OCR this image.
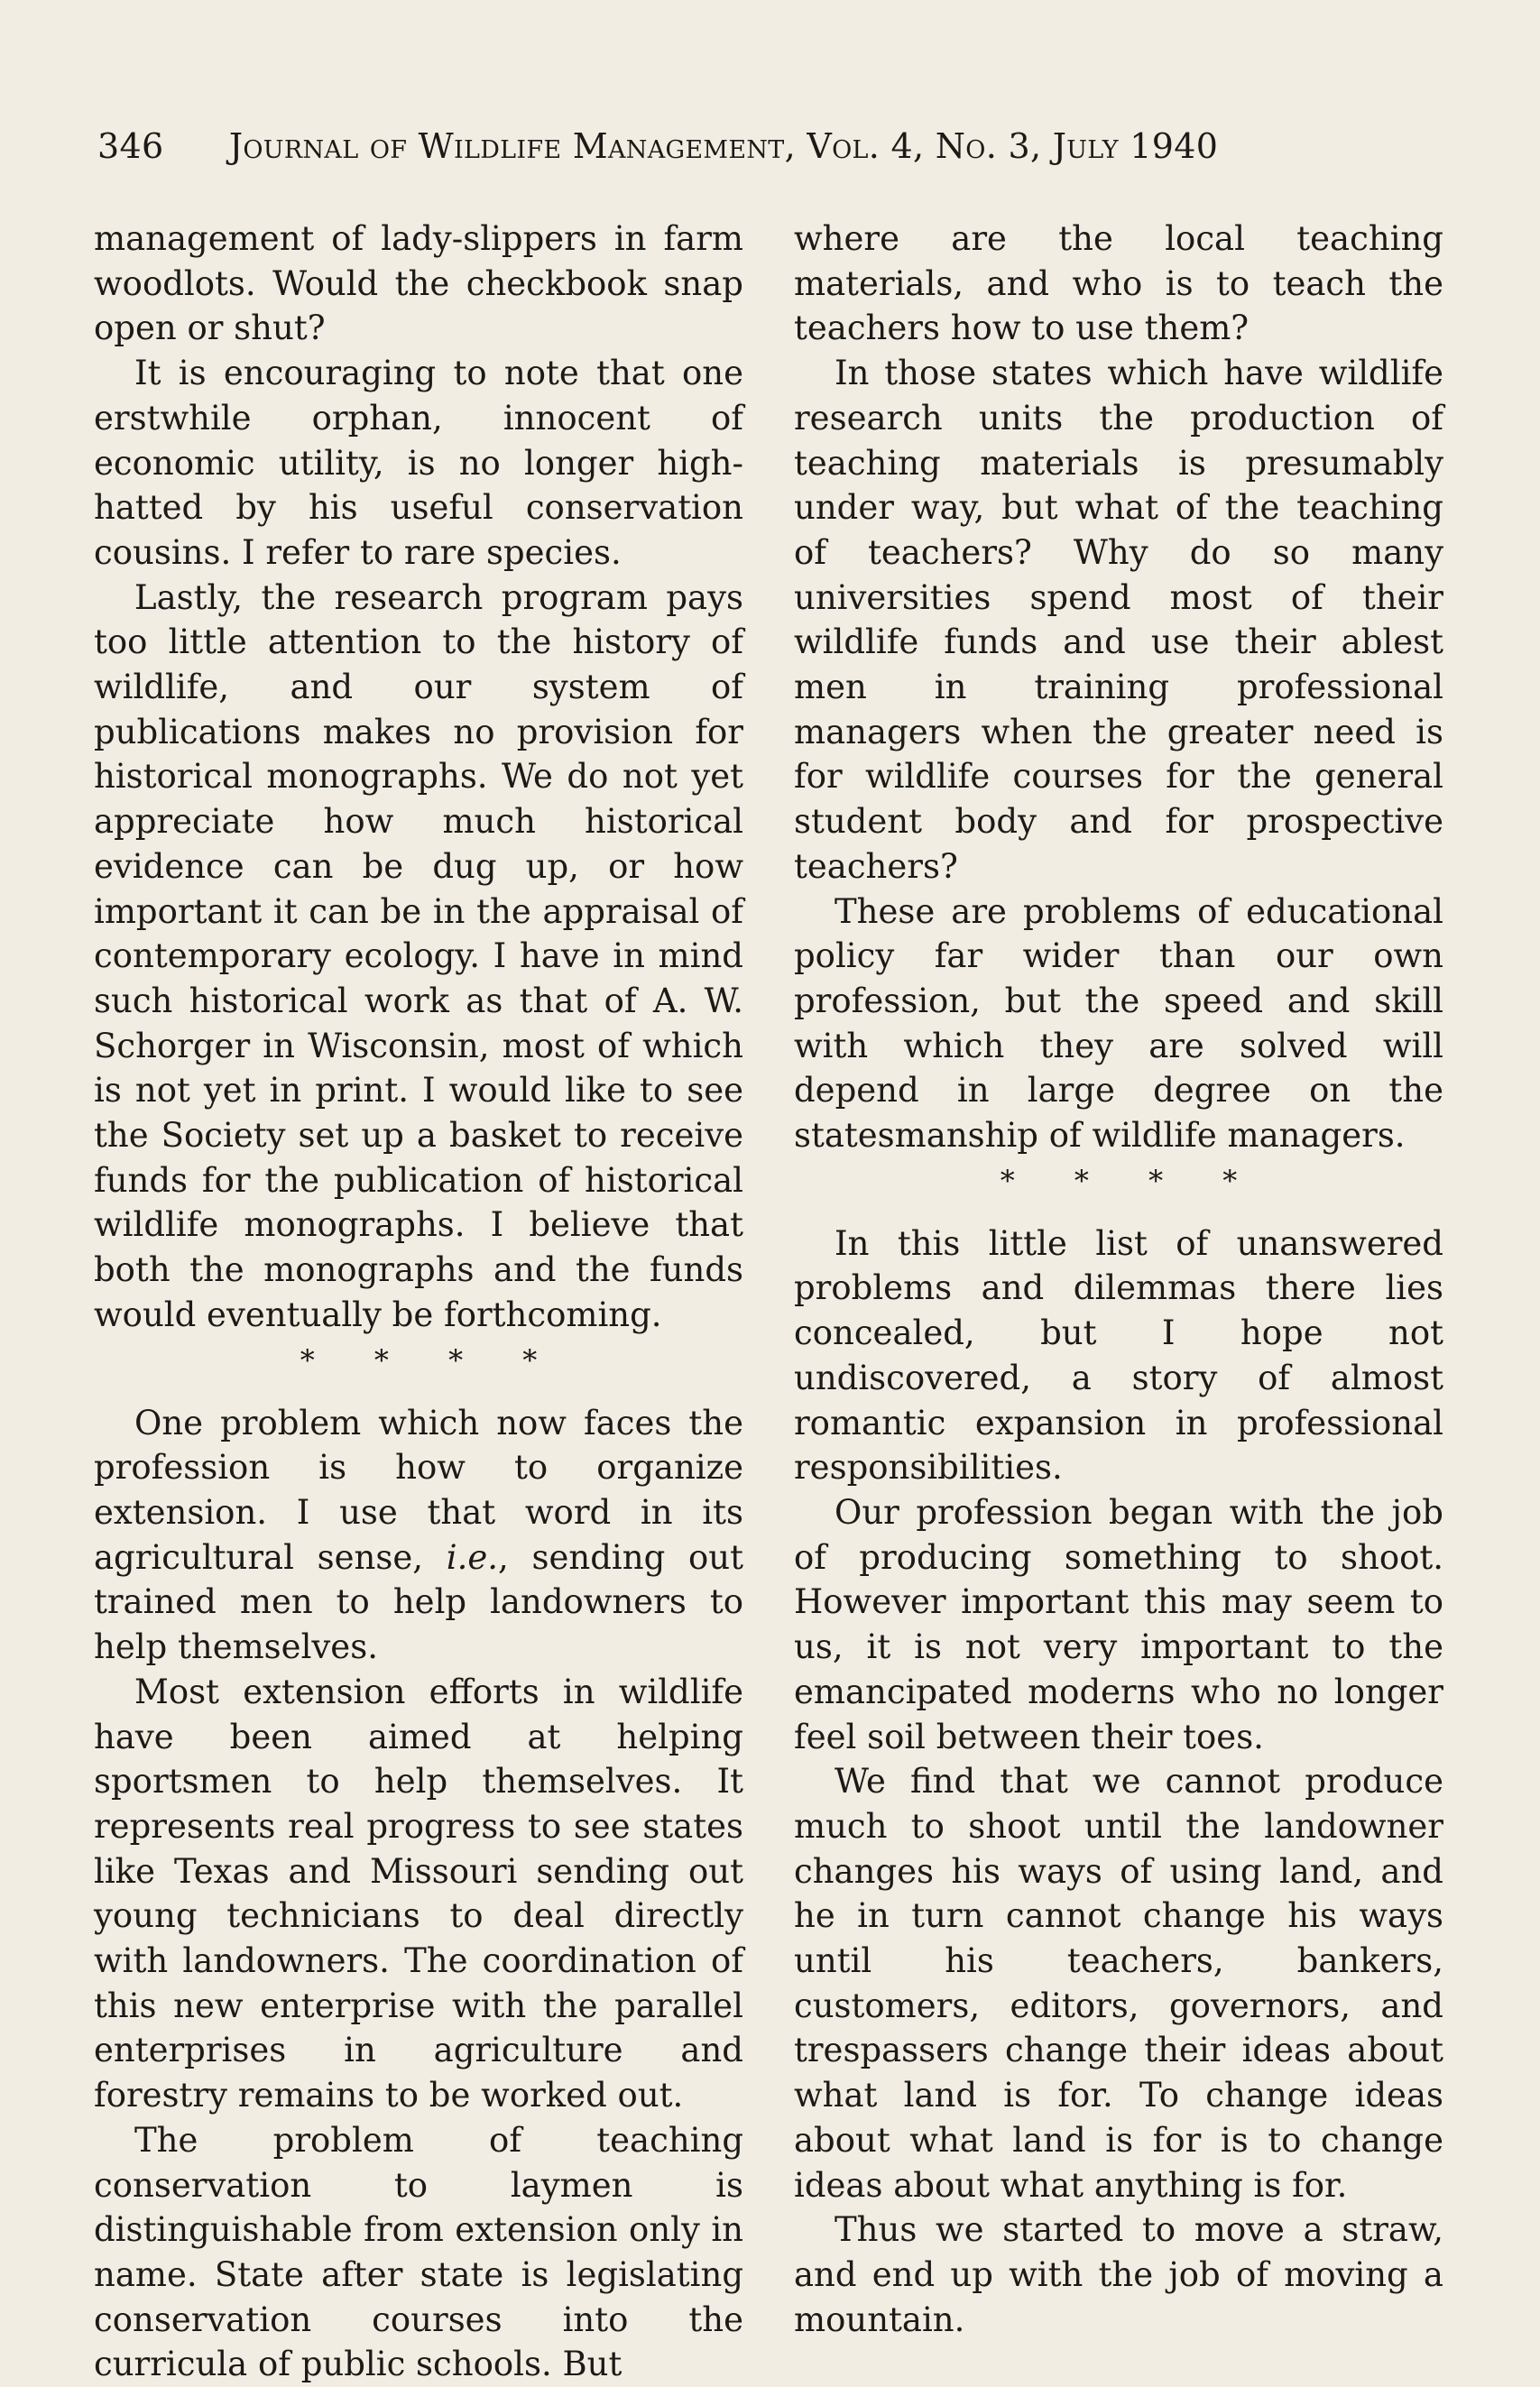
346 Journal of Wildlife Management, Vol. 4, No. 3, July 1940

management of lady-slippers in farm woodlots. Would the checkbook snap open or shut?

It is encouraging to note that one erstwhile orphan, innocent of economic utility, is no longer high-hatted by his useful conservation cousins. I refer to rare species.

Lastly, the research program pays too little attention to the history of wildlife, and our system of publications makes no provision for historical monographs. We do not yet appreciate how much historical evidence can be dug up, or how important it can be in the appraisal of contemporary ecology. I have in mind such historical work as that of A. W. Schorger in Wisconsin, most of which is not yet in print. I would like to see the Society set up a basket to receive funds for the publication of historical wildlife monographs. I believe that both the monographs and the funds would eventually be forthcoming.

* * * *

One problem which now faces the profession is how to organize extension. I use that word in its agricultural sense, i.e., sending out trained men to help landowners to help themselves.

Most extension efforts in wildlife have been aimed at helping sportsmen to help themselves. It represents real progress to see states like Texas and Missouri sending out young technicians to deal directly with landowners. The coordination of this new enterprise with the parallel enterprises in agriculture and forestry remains to be worked out.

The problem of teaching conservation to laymen is distinguishable from extension only in name. State after state is legislating conservation courses into the curricula of public schools. But

where are the local teaching materials, and who is to teach the teachers how to use them?

In those states which have wildlife research units the production of teaching materials is presumably under way, but what of the teaching of teachers? Why do so many universities spend most of their wildlife funds and use their ablest men in training professional managers when the greater need is for wildlife courses for the general student body and for prospective teachers?

These are problems of educational policy far wider than our own profession, but the speed and skill with which they are solved will depend in large degree on the statesmanship of wildlife managers.

* * * *

In this little list of unanswered problems and dilemmas there lies concealed, but I hope not undiscovered, a story of almost romantic expansion in professional responsibilities.

Our profession began with the job of producing something to shoot. However important this may seem to us, it is not very important to the emancipated moderns who no longer feel soil between their toes.

We find that we cannot produce much to shoot until the landowner changes his ways of using land, and he in turn cannot change his ways until his teachers, bankers, customers, editors, governors, and trespassers change their ideas about what land is for. To change ideas about what land is for is to change ideas about what anything is for.

Thus we started to move a straw, and end up with the job of moving a mountain.
